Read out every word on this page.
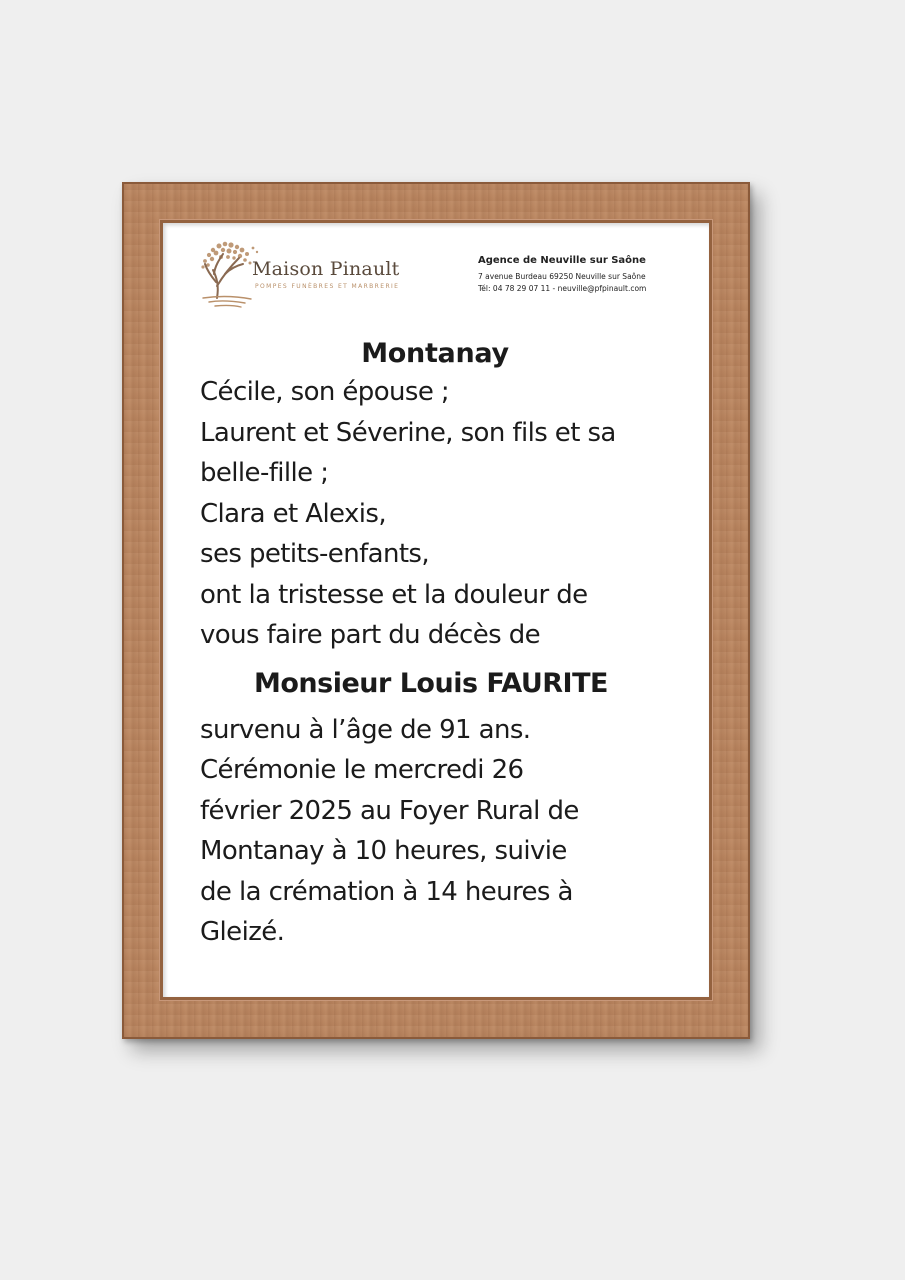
Maison Pinault
POMPES FUNÈBRES ET MARBRERIE
Agence de Neuville sur Saône
7 avenue Burdeau 69250 Neuville sur Saône
Tél: 04 78 29 07 11 - neuville@pfpinault.com
Montanay
Cécile, son épouse ;
Laurent et Séverine, son fils et sa
belle-fille ;
Clara et Alexis,
ses petits-enfants,
ont la tristesse et la douleur de
vous faire part du décès de
Monsieur Louis FAURITE
survenu à l’âge de 91 ans.
Cérémonie le mercredi 26
février 2025 au Foyer Rural de
Montanay à 10 heures, suivie
de la crémation à 14 heures à
Gleizé.
